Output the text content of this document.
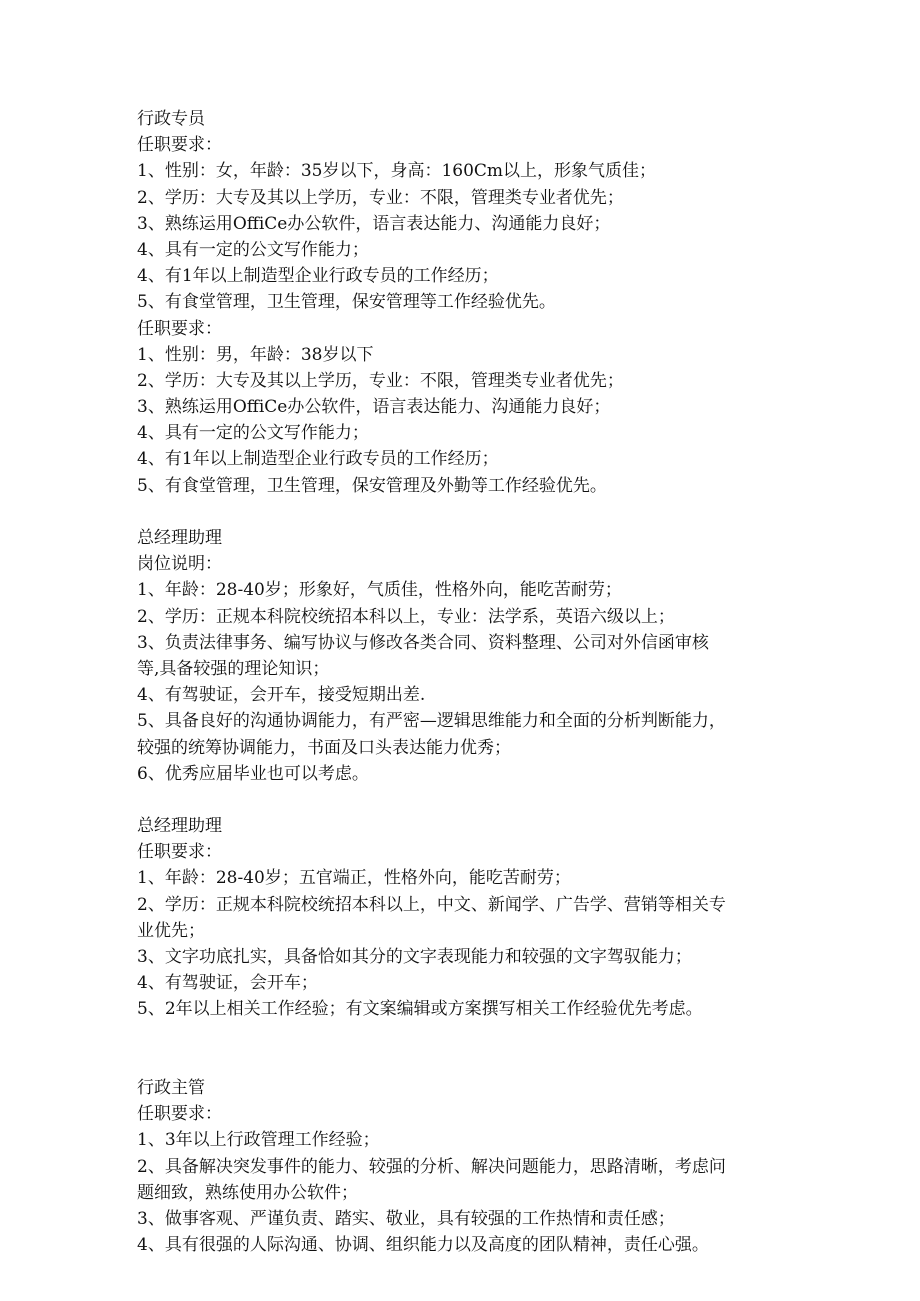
行政专员
任职要求：
1、性别：女，年龄：35岁以下，身高：160Cm以上，形象气质佳；
2、学历：大专及其以上学历，专业：不限，管理类专业者优先；
3、熟练运用OffiCe办公软件，语言表达能力、沟通能力良好；
4、具有一定的公文写作能力；
4、有1年以上制造型企业行政专员的工作经历；
5、有食堂管理，卫生管理，保安管理等工作经验优先。
任职要求：
1、性别：男，年龄：38岁以下
2、学历：大专及其以上学历，专业：不限，管理类专业者优先；
3、熟练运用OffiCe办公软件，语言表达能力、沟通能力良好；
4、具有一定的公文写作能力；
4、有1年以上制造型企业行政专员的工作经历；
5、有食堂管理，卫生管理，保安管理及外勤等工作经验优先。
总经理助理
岗位说明：
1、年龄：28-40岁；形象好，气质佳，性格外向，能吃苦耐劳；
2、学历：正规本科院校统招本科以上，专业：法学系，英语六级以上；
3、负责法律事务、编写协议与修改各类合同、资料整理、公司对外信函审核
等,具备较强的理论知识；
4、有驾驶证，会开车，接受短期出差.
5、具备良好的沟通协调能力，有严密—逻辑思维能力和全面的分析判断能力，
较强的统筹协调能力，书面及口头表达能力优秀；
6、优秀应届毕业也可以考虑。
总经理助理
任职要求：
1、年龄：28-40岁；五官端正，性格外向，能吃苦耐劳；
2、学历：正规本科院校统招本科以上，中文、新闻学、广告学、营销等相关专
业优先；
3、文字功底扎实，具备恰如其分的文字表现能力和较强的文字驾驭能力；
4、有驾驶证，会开车；
5、2年以上相关工作经验；有文案编辑或方案撰写相关工作经验优先考虑。
行政主管
任职要求：
1、3年以上行政管理工作经验；
2、具备解决突发事件的能力、较强的分析、解决问题能力，思路清晰，考虑问
题细致，熟练使用办公软件；
3、做事客观、严谨负责、踏实、敬业，具有较强的工作热情和责任感；
4、具有很强的人际沟通、协调、组织能力以及高度的团队精神，责任心强。
